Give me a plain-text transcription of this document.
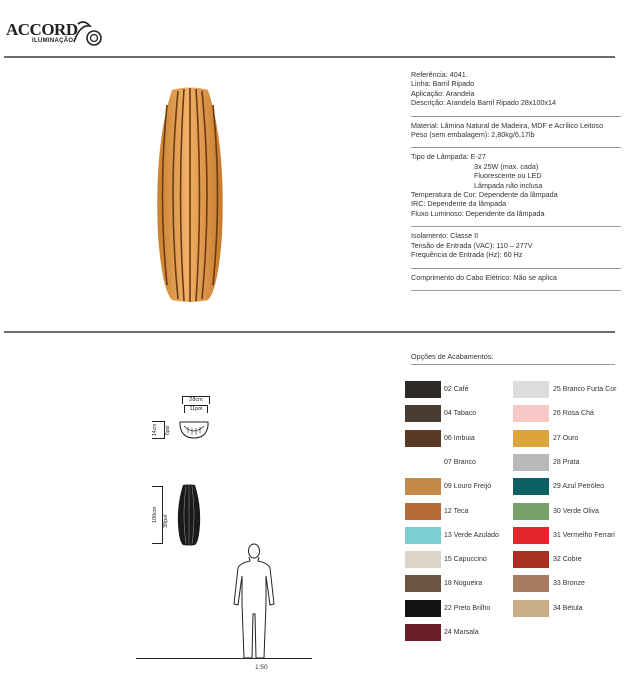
ACCORD
ILUMINAÇÃO
Referência: 4041.
Linha: Barril Ripado
Aplicação: Arandela
Descrição: Arandela Barril Ripado 28x100x14
Material: Lâmina Natural de Madeira, MDF e Acrílico Leitoso
Peso (sem embalagem): 2,80kg/6,17lb
Tipo de Lâmpada: E-27
3x 25W (max. cada)
Fluorescente ou LED
Lâmpada não inclusa
Temperatura de Cor: Dependente da lâmpada
IRC: Dependente da lâmpada
Fluxo Luminoso: Dependente da lâmpada
Isolamento: Classe II
Tensão de Entrada (VAC): 110 – 277V
Frequência de Entrada (Hz): 60 Hz
Comprimento do Cabo Elétrico: Não se aplica
28cm
11pol
14cm	6pol
100cm 39pol
1:50
Opções de Acabamentos:
02 Café
04 Tabaco
06 Imbuia
07 Branco
09 Louro Freijó
12 Teca
13 Verde Azulado
15 Capuccino
18 Nogueira
22 Preto Brilho
24 Marsala
25 Branco Furta Cor
26 Rosa Chá
27 Ouro
28 Prata
29 Azul Petróleo
30 Verde Oliva
31 Vermelho Ferrari
32 Cobre
33 Bronze
34 Bétula
